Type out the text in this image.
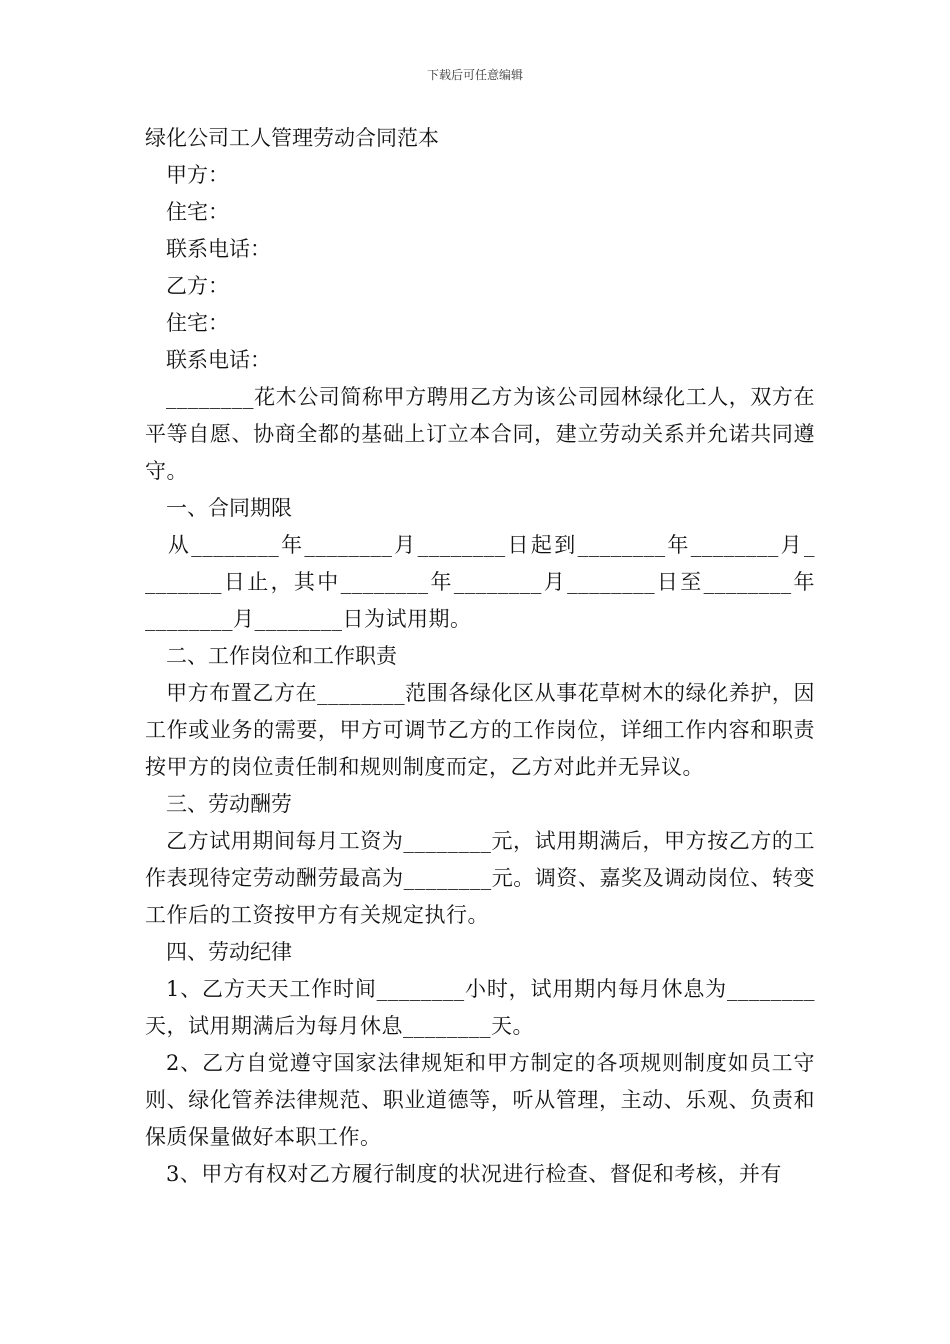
下载后可任意编辑
绿化公司工人管理劳动合同范本

甲方：

住宅：

联系电话：

乙方：

住宅：

联系电话：

________花木公司简称甲方聘用乙方为该公司园林绿化工人，双方在平等自愿、协商全都的基础上订立本合同，建立劳动关系并允诺共同遵守。

一、合同期限

从________年________月________日起到________年________月_ _______日止，其中________年________月________日至________年 ________月________日为试用期。

二、工作岗位和工作职责

甲方布置乙方在________范围各绿化区从事花草树木的绿化养护，因工作或业务的需要，甲方可调节乙方的工作岗位，详细工作内容和职责按甲方的岗位责任制和规则制度而定，乙方对此并无异议。

三、劳动酬劳

乙方试用期间每月工资为________元，试用期满后，甲方按乙方的工作表现待定劳动酬劳最高为________元。调资、嘉奖及调动岗位、转变工作后的工资按甲方有关规定执行。

四、劳动纪律

1、乙方天天工作时间________小时，试用期内每月休息为________天，试用期满后为每月休息________天。

2、乙方自觉遵守国家法律规矩和甲方制定的各项规则制度如员工守则、绿化管养法律规范、职业道德等，听从管理，主动、乐观、负责和保质保量做好本职工作。

3、甲方有权对乙方履行制度的状况进行检查、督促和考核，并有
